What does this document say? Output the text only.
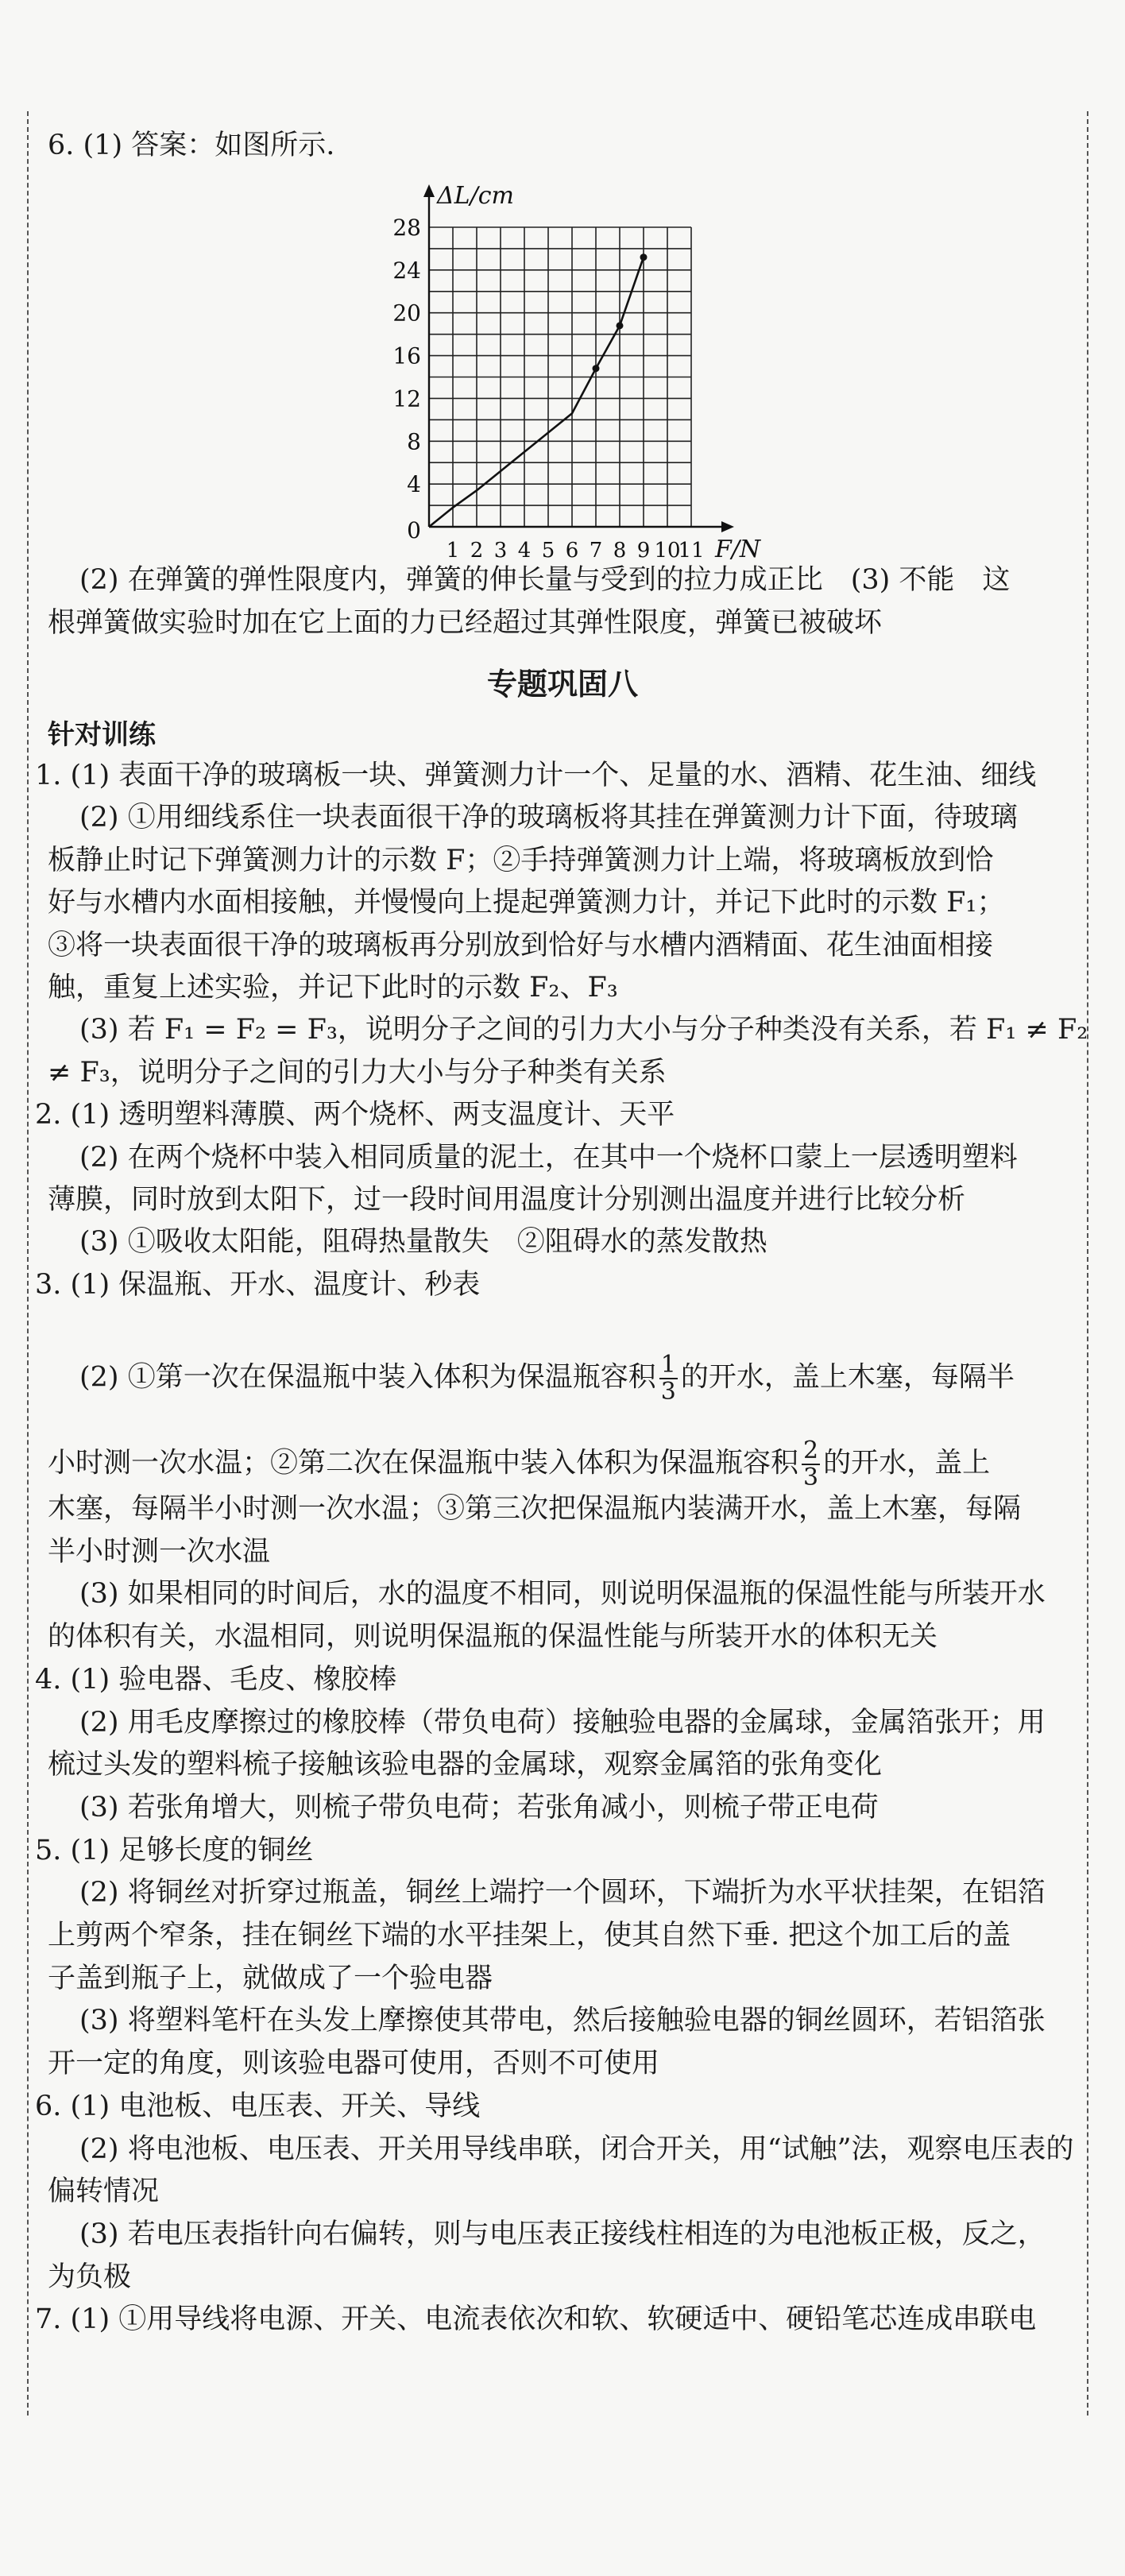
6. (1) 答案：如图所示.
4
8
12
16
20
24
28
1 2 3 4 5 6 7 8 9 10
11
0
ΔL/cm
F/N
(2) 在弹簧的弹性限度内，弹簧的伸长量与受到的拉力成正比　(3) 不能　这
根弹簧做实验时加在它上面的力已经超过其弹性限度，弹簧已被破坏
专题巩固八
针对训练
1. (1) 表面干净的玻璃板一块、弹簧测力计一个、足量的水、酒精、花生油、细线
(2) ①用细线系住一块表面很干净的玻璃板将其挂在弹簧测力计下面，待玻璃
板静止时记下弹簧测力计的示数 F；②手持弹簧测力计上端，将玻璃板放到恰
好与水槽内水面相接触，并慢慢向上提起弹簧测力计，并记下此时的示数 F₁；
③将一块表面很干净的玻璃板再分别放到恰好与水槽内酒精面、花生油面相接
触，重复上述实验，并记下此时的示数 F₂、F₃
(3) 若 F₁ = F₂ = F₃，说明分子之间的引力大小与分子种类没有关系，若 F₁ ≠ F₂
≠ F₃，说明分子之间的引力大小与分子种类有关系
2. (1) 透明塑料薄膜、两个烧杯、两支温度计、天平
(2) 在两个烧杯中装入相同质量的泥土，在其中一个烧杯口蒙上一层透明塑料
薄膜，同时放到太阳下，过一段时间用温度计分别测出温度并进行比较分析
(3) ①吸收太阳能，阻碍热量散失　②阻碍水的蒸发散热
3. (1) 保温瓶、开水、温度计、秒表
(2) ①第一次在保温瓶中装入体积为保温瓶容积 $\frac{1}{3}$ 的开水，盖上木塞，每隔半
小时测一次水温；②第二次在保温瓶中装入体积为保温瓶容积 $\frac{2}{3}$ 的开水，盖上
木塞，每隔半小时测一次水温；③第三次把保温瓶内装满开水，盖上木塞，每隔
半小时测一次水温
(3) 如果相同的时间后，水的温度不相同，则说明保温瓶的保温性能与所装开水
的体积有关，水温相同，则说明保温瓶的保温性能与所装开水的体积无关
4. (1) 验电器、毛皮、橡胶棒
(2) 用毛皮摩擦过的橡胶棒（带负电荷）接触验电器的金属球，金属箔张开；用
梳过头发的塑料梳子接触该验电器的金属球，观察金属箔的张角变化
(3) 若张角增大，则梳子带负电荷；若张角减小，则梳子带正电荷
5. (1) 足够长度的铜丝
(2) 将铜丝对折穿过瓶盖，铜丝上端拧一个圆环，下端折为水平状挂架，在铝箔
上剪两个窄条，挂在铜丝下端的水平挂架上，使其自然下垂. 把这个加工后的盖
子盖到瓶子上，就做成了一个验电器
(3) 将塑料笔杆在头发上摩擦使其带电，然后接触验电器的铜丝圆环，若铝箔张
开一定的角度，则该验电器可使用，否则不可使用
6. (1) 电池板、电压表、开关、导线
(2) 将电池板、电压表、开关用导线串联，闭合开关，用“试触”法，观察电压表的
偏转情况
(3) 若电压表指针向右偏转，则与电压表正接线柱相连的为电池板正极，反之，
为负极
7. (1) ①用导线将电源、开关、电流表依次和软、软硬适中、硬铅笔芯连成串联电
